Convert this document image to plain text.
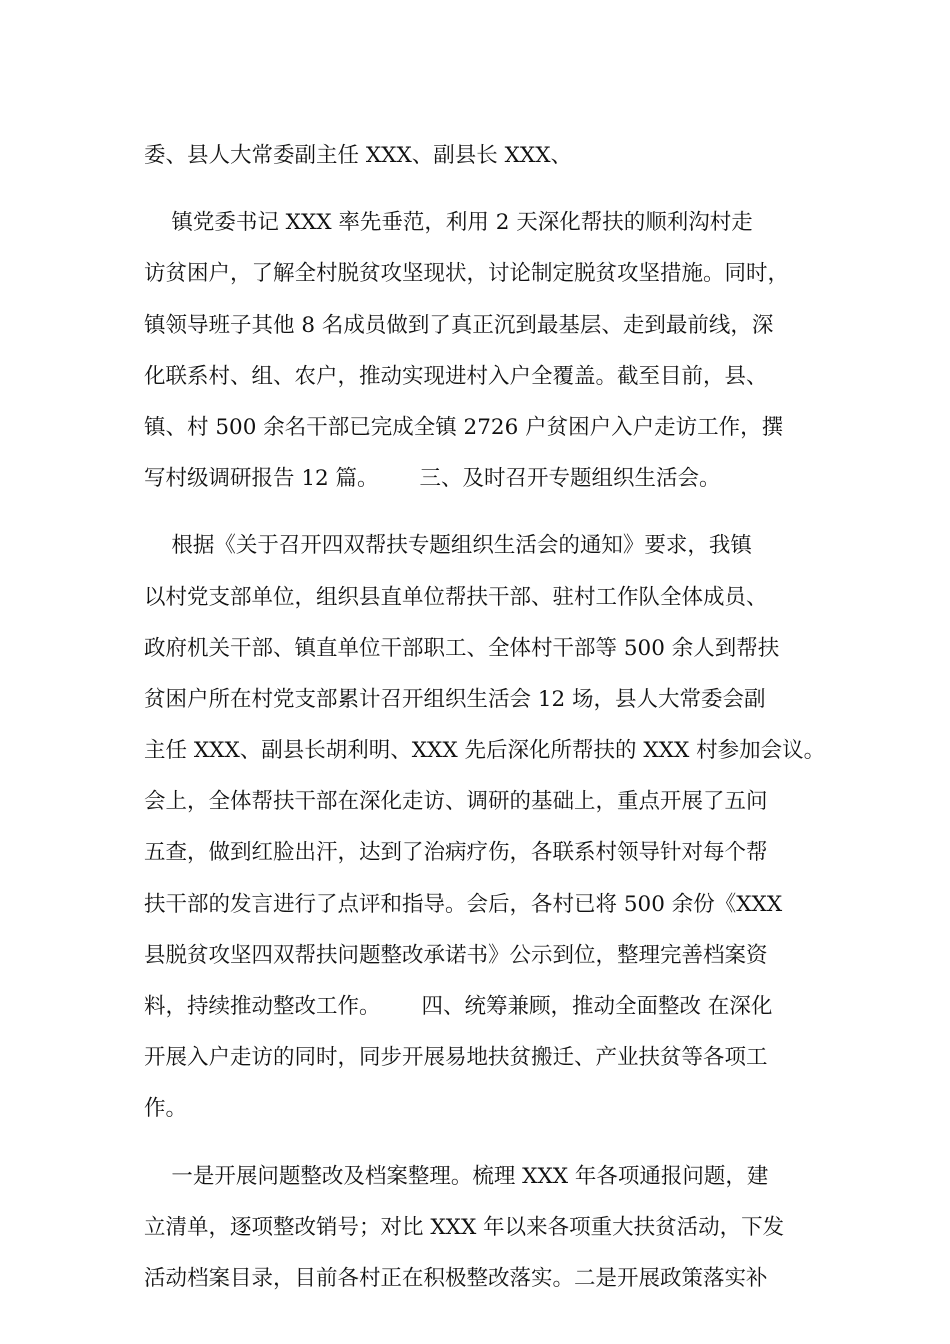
委、县人大常委副主任 XXX、副县长 XXX、
镇党委书记 XXX 率先垂范，利用 2 天深化帮扶的顺利沟村走
访贫困户，了解全村脱贫攻坚现状，讨论制定脱贫攻坚措施。同时，
镇领导班子其他 8 名成员做到了真正沉到最基层、走到最前线，深
化联系村、组、农户，推动实现进村入户全覆盖。截至目前，县、
镇、村 500 余名干部已完成全镇 2726 户贫困户入户走访工作，撰
写村级调研报告 12 篇。      三、及时召开专题组织生活会。
根据《关于召开四双帮扶专题组织生活会的通知》要求，我镇
以村党支部单位，组织县直单位帮扶干部、驻村工作队全体成员、
政府机关干部、镇直单位干部职工、全体村干部等 500 余人到帮扶
贫困户所在村党支部累计召开组织生活会 12 场，县人大常委会副
主任 XXX、副县长胡利明、XXX 先后深化所帮扶的 XXX 村参加会议。
会上，全体帮扶干部在深化走访、调研的基础上，重点开展了五问
五查，做到红脸出汗，达到了治病疗伤，各联系村领导针对每个帮
扶干部的发言进行了点评和指导。会后，各村已将 500 余份《XXX
县脱贫攻坚四双帮扶问题整改承诺书》公示到位，整理完善档案资
料，持续推动整改工作。      四、统筹兼顾，推动全面整改 在深化
开展入户走访的同时，同步开展易地扶贫搬迁、产业扶贫等各项工
作。
一是开展问题整改及档案整理。梳理 XXX 年各项通报问题，建
立清单，逐项整改销号；对比 XXX 年以来各项重大扶贫活动，下发
活动档案目录，目前各村正在积极整改落实。二是开展政策落实补
